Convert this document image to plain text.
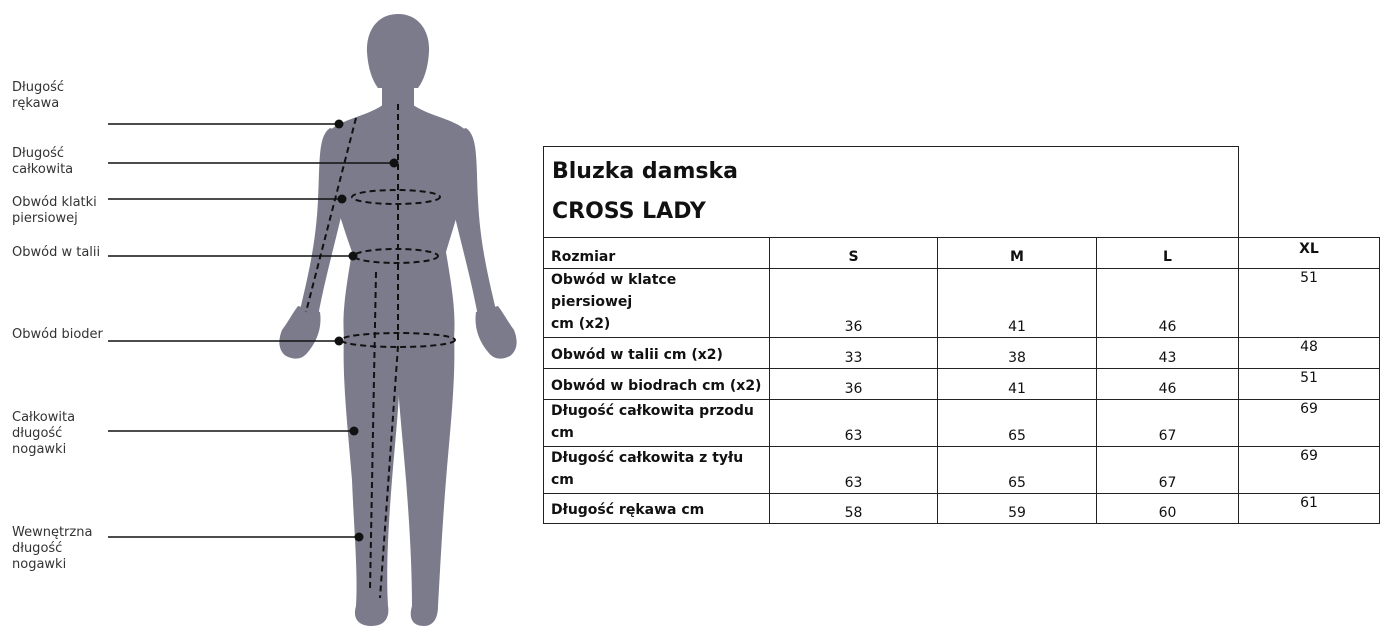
Długość rękawa
Długość całkowita
Obwód klatki piersiowej
Obwód w talii
Obwód bioder
Całkowita długość nogawki
Wewnętrzna długość nogawki
Bluzka damska
CROSS LADY				

Rozmiar	S	M	L	XL

Obwód w klatce piersiowej
cm (x2)	36	41	46	51
Obwód w talii cm (x2)	33	38	43	48
Obwód w biodrach cm (x2)	36	41	46	51

Długość całkowita przodu
cm	63	65	67	69
Długość całkowita z tyłu cm	63	65	67	69
Długość rękawa cm	58	59	60	61
